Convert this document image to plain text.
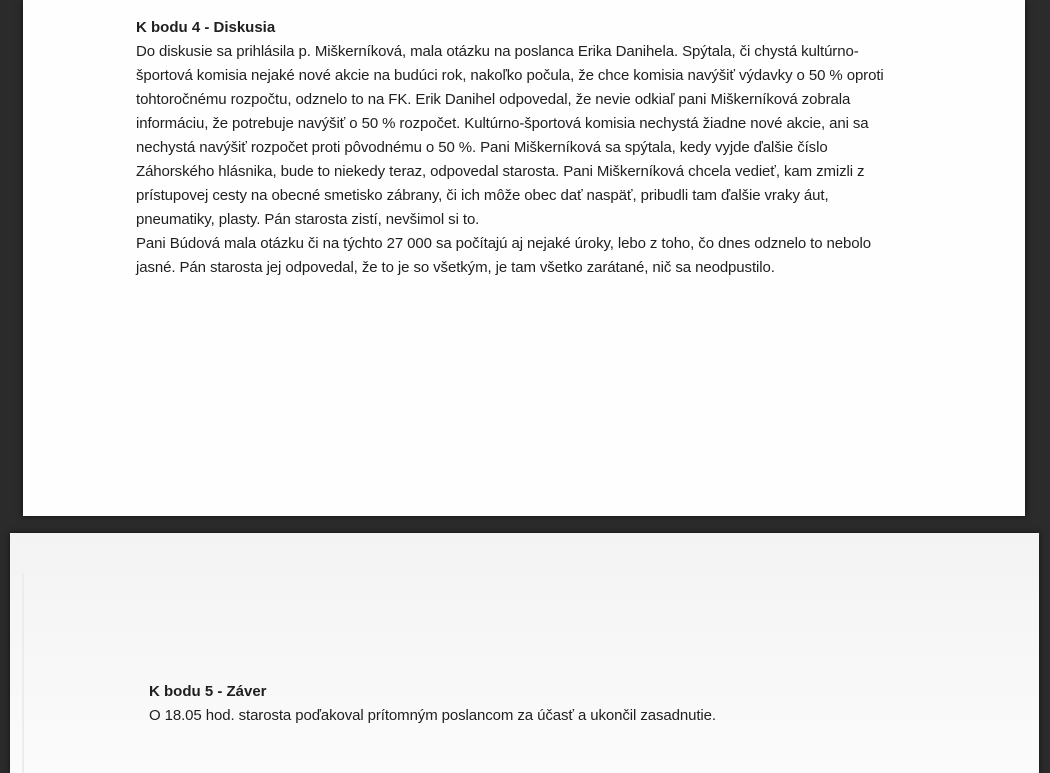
K bodu 4 - Diskusia

Do diskusie sa prihlásila p. Miškerníková, mala otázku na poslanca Erika Danihela. Spýtala, či chystá kultúrno-športová komisia nejaké nové akcie na budúci rok, nakoľko počula, že chce komisia navýšiť výdavky o 50 % oproti tohtoročnému rozpočtu, odznelo to na FK. Erik Danihel odpovedal, že nevie odkiaľ pani Miškerníková zobrala informáciu, že potrebuje navýšiť o 50 % rozpočet. Kultúrno-športová komisia nechystá žiadne nové akcie, ani sa nechystá navýšiť rozpočet proti pôvodnému o 50 %. Pani Miškerníková sa spýtala, kedy vyjde ďalšie číslo Záhorského hlásnika, bude to niekedy teraz, odpovedal starosta. Pani Miškerníková chcela vedieť, kam zmizli z prístupovej cesty na obecné smetisko zábrany, či ich môže obec dať naspäť, pribudli tam ďalšie vraky áut, pneumatiky, plasty. Pán starosta zistí, nevšimol si to.

Pani Búdová mala otázku či na týchto 27 000 sa počítajú aj nejaké úroky, lebo z toho, čo dnes odznelo to nebolo jasné. Pán starosta jej odpovedal, že to je so všetkým, je tam všetko zarátané, nič sa neodpustilo.

K bodu 5 - Záver

O 18.05 hod. starosta poďakoval prítomným poslancom za účasť a ukončil zasadnutie.
